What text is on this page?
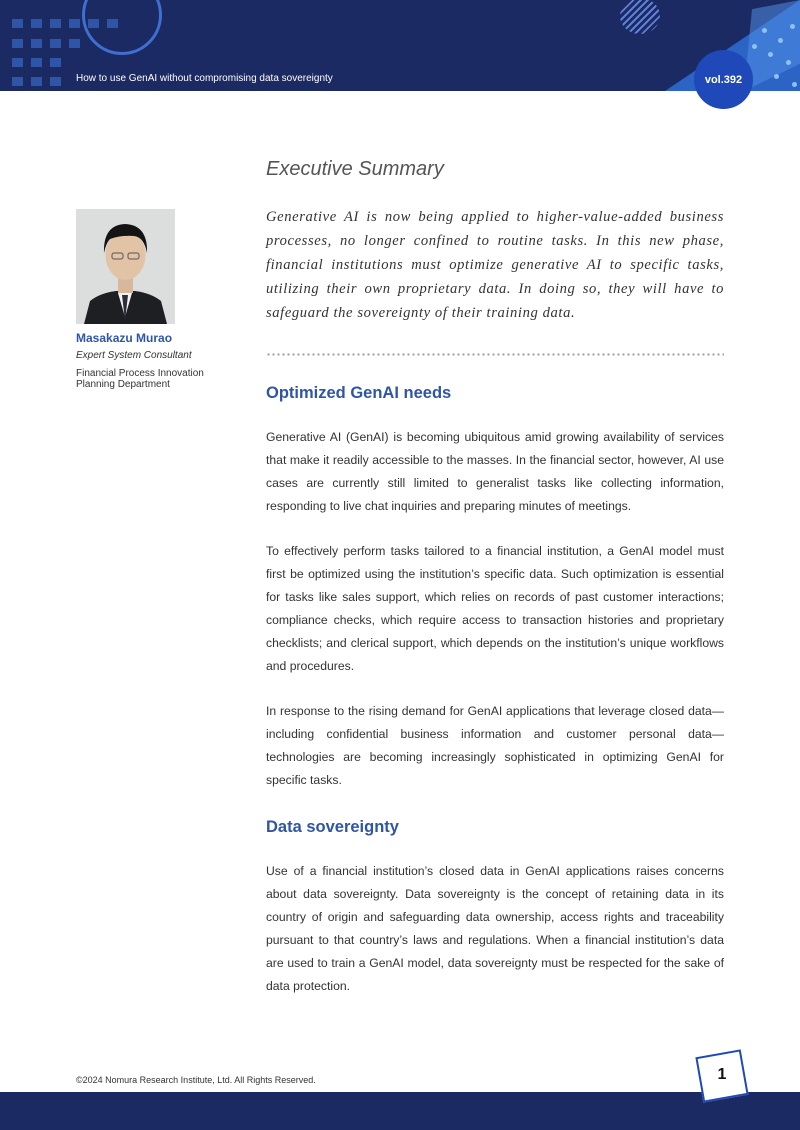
How to use GenAI without compromising data sovereignty	vol.392
Masakazu Murao
Expert System Consultant
Financial Process Innovation Planning Department
Executive Summary
Generative AI is now being applied to higher-value-added business processes, no longer confined to routine tasks. In this new phase, financial institutions must optimize generative AI to specific tasks, utilizing their own proprietary data. In doing so, they will have to safeguard the sovereignty of their training data.
Optimized GenAI needs

Generative AI (GenAI) is becoming ubiquitous amid growing availability of services that make it readily accessible to the masses. In the financial sector, however, AI use cases are currently still limited to generalist tasks like collecting information, responding to live chat inquiries and preparing minutes of meetings.

To effectively perform tasks tailored to a financial institution, a GenAI model must first be optimized using the institution’s specific data. Such optimization is essential for tasks like sales support, which relies on records of past customer interactions; compliance checks, which require access to transaction histories and proprietary checklists; and clerical support, which depends on the institution’s unique workflows and procedures.

In response to the rising demand for GenAI applications that leverage closed data—including confidential business information and customer personal data—technologies are becoming increasingly sophisticated in optimizing GenAI for specific tasks.

Data sovereignty

Use of a financial institution’s closed data in GenAI applications raises concerns about data sovereignty. Data sovereignty is the concept of retaining data in its country of origin and safeguarding data ownership, access rights and traceability pursuant to that country’s laws and regulations. When a financial institution’s data are used to train a GenAI model, data sovereignty must be respected for the sake of data protection.

©2024 Nomura Research Institute, Ltd. All Rights Reserved.	1
